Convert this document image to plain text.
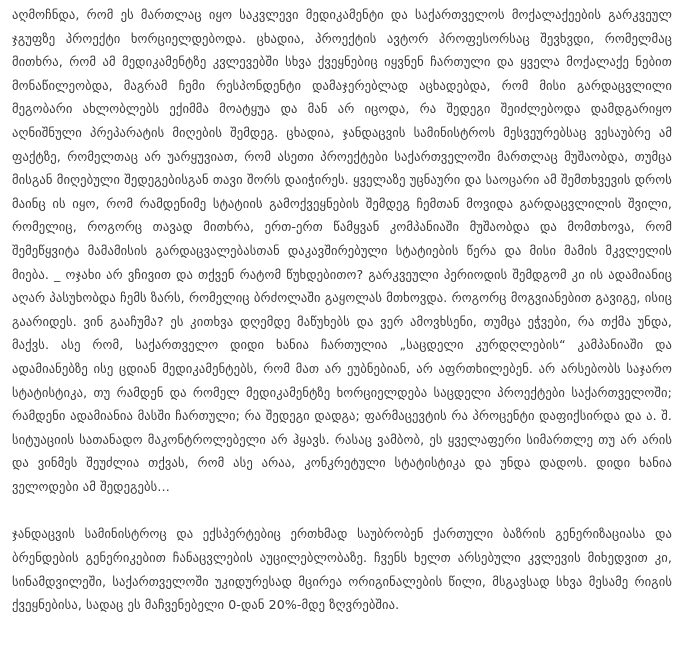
აღმოჩნდა, რომ ეს მართლაც იყო საკვლევი მედიკამენტი და საქართველოს მოქალაქეების გარკვეულ ჯგუფზე პროექტი ხორციელდებოდა. ცხადია, პროექტის ავტორ პროფესორსაც შევხვდი, რომელმაც მითხრა, რომ ამ მედიკამენტზე კვლევებში სხვა ქვეყნებიც იყვნენ ჩართული და ყველა მოქალაქე ნებით მონაწილეობდა, მაგრამ ჩემი რესპონდენტი დამაჯერებლად აცხადებდა, რომ მისი გარდაცვლილი მეგობარი ახლობლებს ექიმმა მოატყუა და მან არ იცოდა, რა შედეგი შეიძლებოდა დამდგარიყო აღნიშნული პრეპარატის მიღების შემდეგ. ცხადია, ჯანდაცვის სამინისტროს მესვეურებსაც ვესაუბრე ამ ფაქტზე, რომელთაც არ უარყუვიათ, რომ ასეთი პროექტები საქართველოში მართლაც მუშაობდა, თუმცა მისგან მიღებული შედეგებისგან თავი შორს დაიჭირეს. ყველაზე უცნაური და საოცარი ამ შემთხვევის დროს მაინც ის იყო, რომ რამდენიმე სტატიის გამოქვეყნების შემდეგ ჩემთან მოვიდა გარდაცვლილის შვილი, რომელიც, როგორც თავად მითხრა, ერთ-ერთ წამყვან კომპანიაში მუშაობდა და მომთხოვა, რომ შემეწყვიტა მამამისის გარდაცვალებასთან დაკავშირებული სტატიების წერა და მისი მამის მკვლელის მიება. _ ოჯახი არ ვჩივით და თქვენ რატომ წუხდებითო? გარკვეული პერიოდის შემდგომ კი ის ადამიანიც აღარ პასუხობდა ჩემს ზარს, რომელიც ბრძოლაში გაყოლას მთხოვდა. როგორც მოგვიანებით გავიგე, ისიც გაარიდეს. ვინ გააჩუმა? ეს კითხვა დღემდე მაწუხებს და ვერ ამოვხსენი, თუმცა ეჭვები, რა თქმა უნდა, მაქვს. ასე რომ, საქართველო დიდი ხანია ჩართულია „საცდელი კურდღლების“ კამპანიაში და ადამიანებზე ისე ცდიან მედიკამენტებს, რომ მათ არ ეუბნებიან, არ აფრთხილებენ. არ არსებობს საჯარო სტატისტიკა, თუ რამდენ და რომელ მედიკამენტზე ხორციელდება საცდელი პროექტები საქართველოში; რამდენი ადამიანია მასში ჩართული; რა შედეგი დადგა; ფარმაცევტის რა პროცენტი დაფიქსირდა და ა. შ. სიტუაციის სათანადო მაკონტროლებელი არ ჰყავს. რასაც ვამბობ, ეს ყველაფერი სიმართლე თუ არ არის და ვინმეს შეუძლია თქვას, რომ ასე არაა, კონკრეტული სტატისტიკა და უნდა დადოს. დიდი ხანია ველოდები ამ შედეგებს…

ჯანდაცვის სამინისტროც და ექსპერტებიც ერთხმად საუბრობენ ქართული ბაზრის გენერიზაციასა და ბრენდების გენერიკებით ჩანაცვლების აუცილებლობაზე. ჩვენს ხელთ არსებული კვლევის მიხედვით კი, სინამდვილეში, საქართველოში უკიდურესად მცირეა ორიგინალების წილი, მსგავსად სხვა მესამე რიგის ქვეყნებისა, სადაც ეს მაჩვენებელი 0-დან 20%-მდე ზღვრებშია.
